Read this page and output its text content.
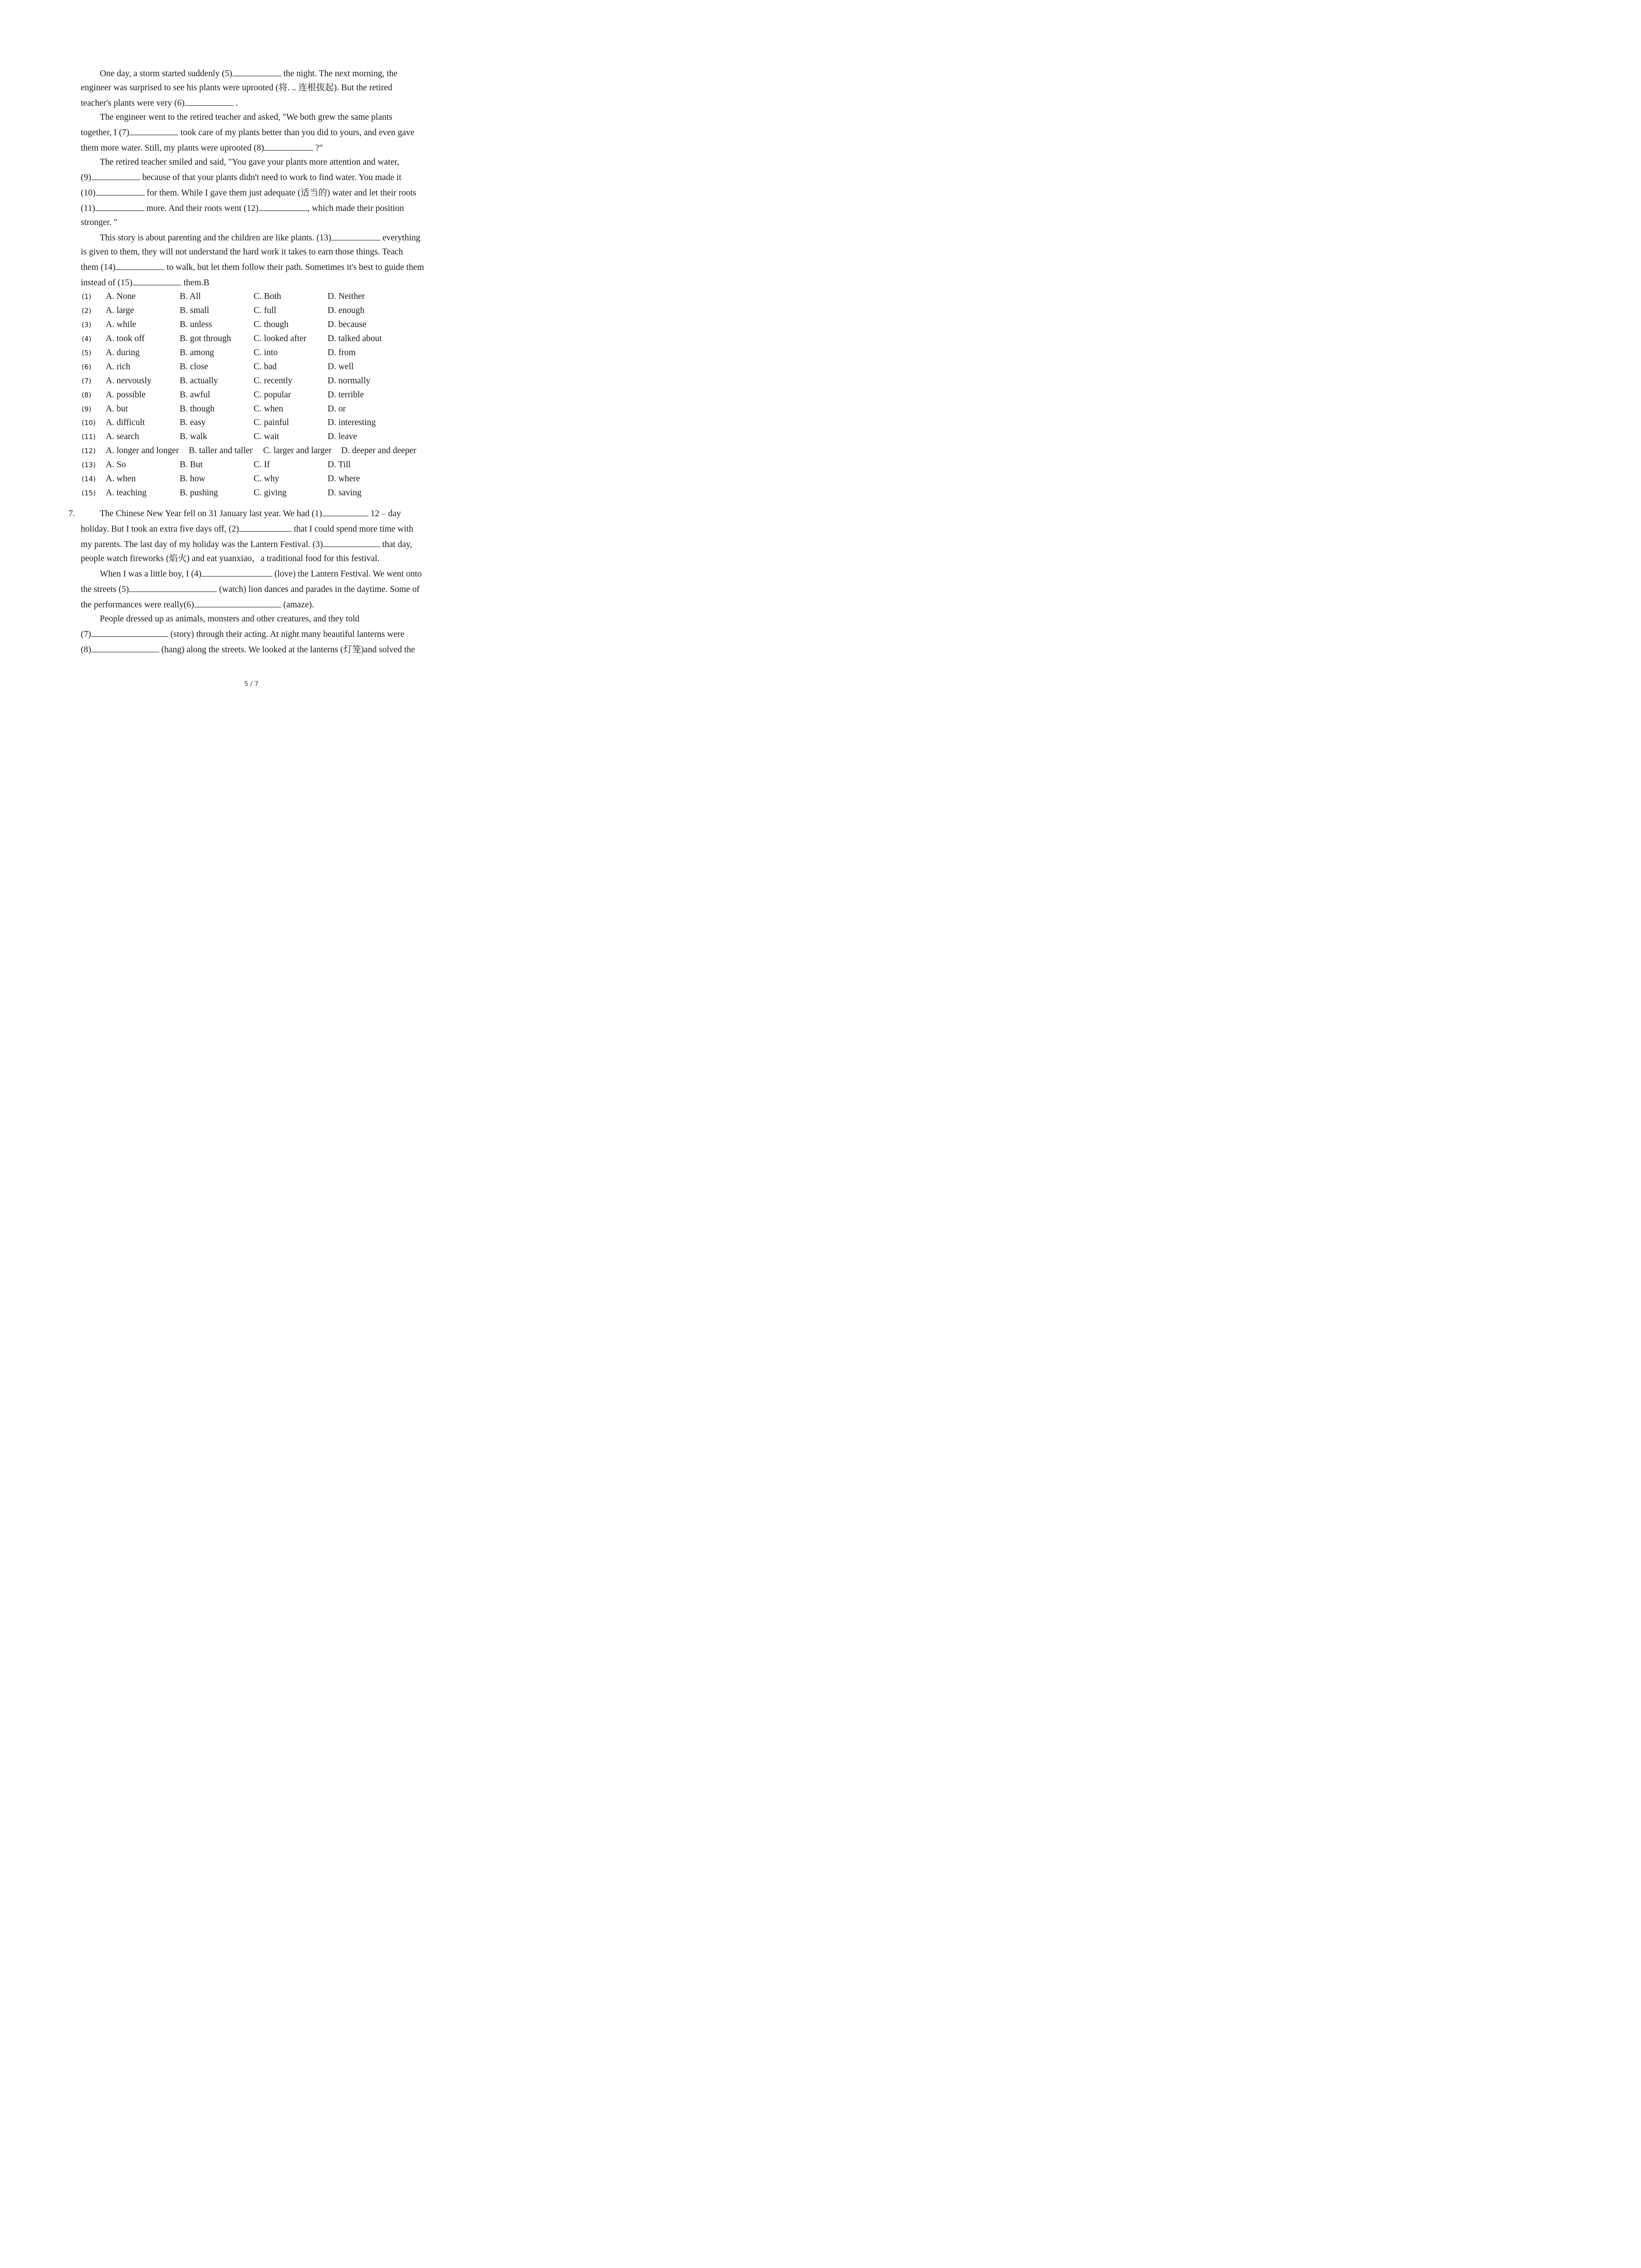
One day, a storm started suddenly (5)	the night. The next morning, the
engineer was surprised to see his plants were uprooted (将. .. 连根拔起). But the retired
teacher's plants were very (6)	.
The engineer went to the retired teacher and asked, "We both grew the same plants
together, I (7)	took care of my plants better than you did to yours, and even gave
them more water. Still, my plants were uprooted (8)	?"
The retired teacher smiled and said, "You gave your plants more attention and water,
(9)	because of that your plants didn't need to work to find water. You made it
(10)	for them. While I gave them just adequate (适当的) water and let their roots
(11)	more. And their roots went (12)	, which made their position
stronger. "
This story is about parenting and the children are like plants. (13)	everything
is given to them, they will not understand the hard work it takes to earn those things. Teach
them (14)	to walk, but let them follow their path. Sometimes it's best to guide them
instead of (15)	them.B
(1) A. None	B. All	C. Both	D. Neither
(2) A. large	B. small	C. full	D. enough
(3) A. while	B. unless	C. though	D. because
(4) A. took off	B. got through	C. looked after D. talked about
(5) A. during	B. among	C. into	D. from
(6) A. rich	B. close	C. bad	D. well
(7) A. nervously	B. actually	C. recently	D. normally
(8) A. possible	B. awful	C. popular	D. terrible
(9) A. but	B. though	C. when	D. or
(10) A. difficult	B. easy	C. painful	D. interesting
(11) A. search	B. walk	C. wait	D. leave
(12) A. longer and longer B. taller and taller C. larger and larger D. deeper and deeper
(13) A. So	B. But	C. If	D. Till
(14) A. when	B. how	C. why	D. where
(15) A. teaching	B. pushing	C. giving	D. saving
7.	The Chinese New Year fell on 31 January last year. We had (1)	12﹣day
holiday. But I took an extra five days off, (2)	that I could spend more time with
my parents. The last day of my holiday was the Lantern Festival. (3)	that day,
people watch fireworks (焰火) and eat yuanxiao，a traditional food for this festival.
When I was a little boy, I (4)	(love) the Lantern Festival. We went onto
the streets (5)	(watch) lion dances and parades in the daytime. Some of
the performances were really(6)	(amaze).
People dressed up as animals, monsters and other creatures, and they told
(7)	(story) through their acting. At night many beautiful lanterns were
(8)	(hang) along the streets. We looked at the lanterns (灯笼)and solved the
5 / 7
